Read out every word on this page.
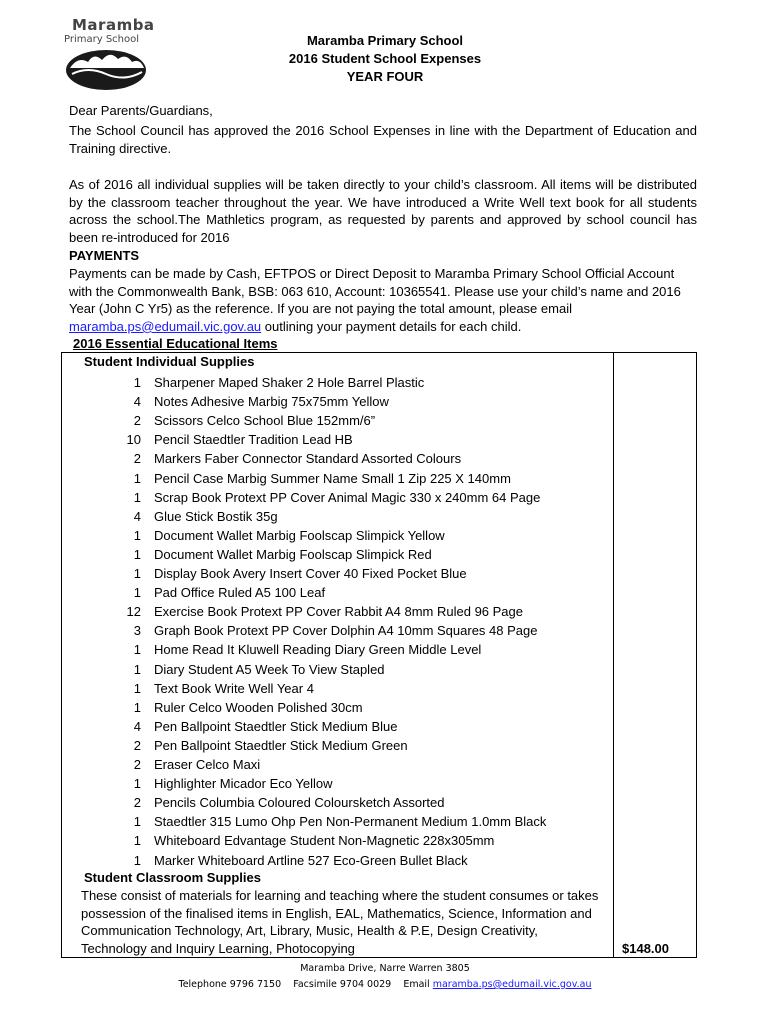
Maramba
Primary School	Maramba Primary School
2016 Student School Expenses
YEAR FOUR
Dear Parents/Guardians,
The School Council has approved the 2016 School Expenses in line with the Department of Education and Training directive.
As of 2016 all individual supplies will be taken directly to your child’s classroom. All items will be distributed by the classroom teacher throughout the year. We have introduced a Write Well text book for all students across the school.The Mathletics program, as requested by parents and approved by school council has been re-introduced for 2016
PAYMENTS
Payments can be made by Cash, EFTPOS or Direct Deposit to Maramba Primary School Official Account with the Commonwealth Bank, BSB: 063 610, Account: 10365541. Please use your child’s name and 2016 Year (John C Yr5) as the reference. If you are not paying the total amount, please email maramba.ps@edumail.vic.gov.au outlining your payment details for each child.
2016 Essential Educational Items
Student Individual Supplies
1 Sharpener Maped Shaker 2 Hole Barrel Plastic
4 Notes Adhesive Marbig 75x75mm Yellow
2 Scissors Celco School Blue 152mm/6”
10 Pencil Staedtler Tradition Lead HB
2 Markers Faber Connector Standard Assorted Colours
1 Pencil Case Marbig Summer Name Small 1 Zip 225 X 140mm
1 Scrap Book Protext PP Cover Animal Magic 330 x 240mm 64 Page
4 Glue Stick Bostik 35g
1 Document Wallet Marbig Foolscap Slimpick Yellow
1 Document Wallet Marbig Foolscap Slimpick Red
1 Display Book Avery Insert Cover 40 Fixed Pocket Blue
1 Pad Office Ruled A5 100 Leaf
12 Exercise Book Protext PP Cover Rabbit A4 8mm Ruled 96 Page
3 Graph Book Protext PP Cover Dolphin A4 10mm Squares 48 Page
1 Home Read It Kluwell Reading Diary Green Middle Level
1 Diary Student A5 Week To View Stapled
1 Text Book Write Well Year 4
1 Ruler Celco Wooden Polished 30cm
4 Pen Ballpoint Staedtler Stick Medium Blue
2 Pen Ballpoint Staedtler Stick Medium Green
2 Eraser Celco Maxi
1 Highlighter Micador Eco Yellow
2 Pencils Columbia Coloured Coloursketch Assorted
1 Staedtler 315 Lumo Ohp Pen Non-Permanent Medium 1.0mm Black
1 Whiteboard Edvantage Student Non-Magnetic 228x305mm
1 Marker Whiteboard Artline 527 Eco-Green Bullet Black
Student Classroom Supplies
These consist of materials for learning and teaching where the student consumes or takes possession of the finalised items in English, EAL, Mathematics, Science, Information and Communication Technology, Art, Library, Music, Health & P.E, Design Creativity, Technology and Inquiry Learning, Photocopying	$148.00
Maramba Drive, Narre Warren 3805
Telephone 9796 7150 Facsimile 9704 0029 Email maramba.ps@edumail.vic.gov.au
